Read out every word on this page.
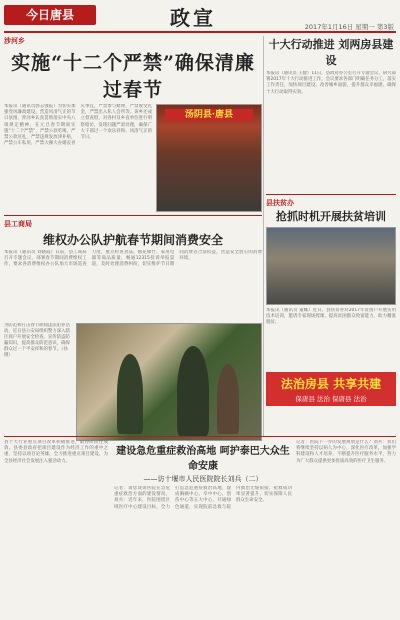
今日唐县	政宣	2017年1月16日 星期一 第3版
涉河乡
实施“十二个严禁”确保清廉过春节
本报讯（通讯员郭志强报）为切实加强党风廉政建设，营造风清气正的节日氛围，涉河乡认真贯彻落实中央八项规定精神，在元旦春节期间实施“十二个严禁”，严禁公款吃喝，严禁公款送礼，严禁违规发放津补贴，严禁公车私用，严禁大操大办婚丧喜庆事宜，严禁参与赌博，严禁收受礼金，严禁出入私人会所等。该乡还成立督查组，对各村及乡直单位进行明察暗访，发现问题严肃处理，确保广大干部过一个欢乐祥和、风清气正的节日。
汤阴县·唐县
县工商局
维权办公队护航春节期间消费安全
本报讯（通讯员 刘晓霞）日前，县工商局召开专题会议，部署春节期间消费维权工作，要求各消费维权办公队加大市场巡查力度，重点检查食品、烟花爆竹、家用电器等商品质量，畅通12315投诉举报渠道，及时处理消费纠纷，切实维护节日期间消费者合法权益，营造安全放心的消费环境。
为防范和打击春节期间违法犯罪活动，近日县公安局组织警力深入辖区商户开展安全检查，宣传防盗防骗知识，提高群众防范意识，确保群众过一个平安祥和的春节。（孙 摄）
十大行动推进 刘两房县建设
本报讯（通讯员 王健）11日，县政府办公室召开专题会议，研究部署2017年十大行动推进工作，会议要求各部门明确任务分工，落实工作责任，加快项目建设，改善城乡面貌，提升群众幸福感，确保十大行动取得实效。
县扶贫办
抢抓时机开展扶贫培训
本报讯（通讯员 董娜）近日，县扶贫办对2017年贫困户开展实用技术培训，邀请专家现场授课，提高贫困群众致富能力，助力精准脱贫。
法治房县 共享共建
保唐县 法治 保唐县 法治
县十大行业重点项目改革积极推进，取得阶段性成效。县委县政府把项目建设作为经济工作的重中之重，坚持以项目论英雄，全力推进重点项目建设，为全县经济社会发展注入强劲动力。
建设急危重症救治高地 呵护泰巴大众生命安康
——访十堰市人民医院院长刘兵（二）
记者：请您谈谈医院在急危重症救治方面的建设情况。刘兵：近年来，医院围绕区域医疗中心建设目标，全力打造急危重症救治高地，建成胸痛中心、卒中中心、创伤中心等五大中心，开通绿色通道，实现院前急救与院内救治无缝衔接，抢救成功率显著提升，切实保障人民群众生命安全。
记者：医院下一步的发展规划是什么？刘兵：我们将继续坚持以病人为中心，深化医疗改革，加强学科建设和人才培养，不断提升医疗服务水平，努力为广大群众提供更加优质高效的医疗卫生服务。
